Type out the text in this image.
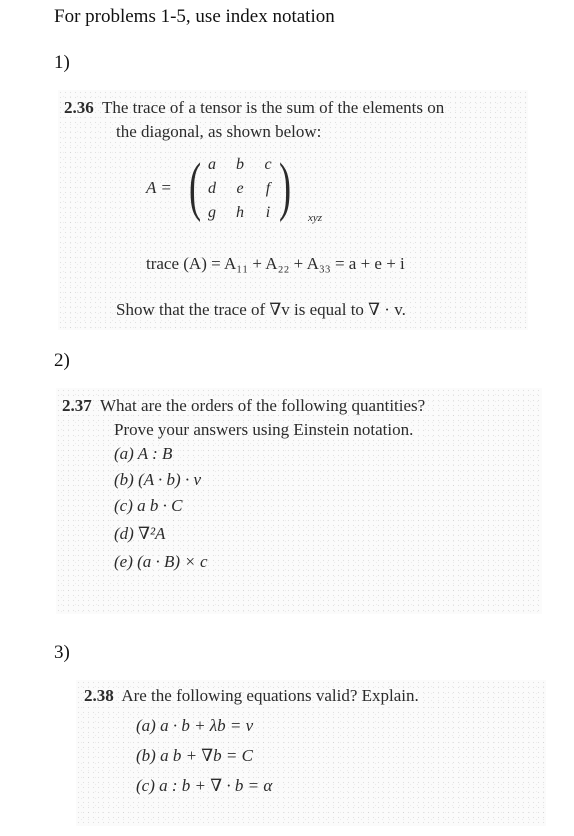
For problems 1-5, use index notation
1)
2.36 The trace of a tensor is the sum of the elements on
the diagonal, as shown below:
A = ( )
a	b	c
d	e	f
g	h	i	xyz
trace (A) = A₁₁ + A₂₂ + A₃₃ = a + e + i
Show that the trace of ∇v is equal to ∇ · v.
2)
2.37 What are the orders of the following quantities?
Prove your answers using Einstein notation.
(a) A : B
(b) (A · b) · v
(c) a b · C
(d) ∇²A
(e) (a · B) × c
3)
2.38 Are the following equations valid? Explain.
(a) a · b + λb = v
(b) a b + ∇b = C
(c) a : b + ∇ · b = α
